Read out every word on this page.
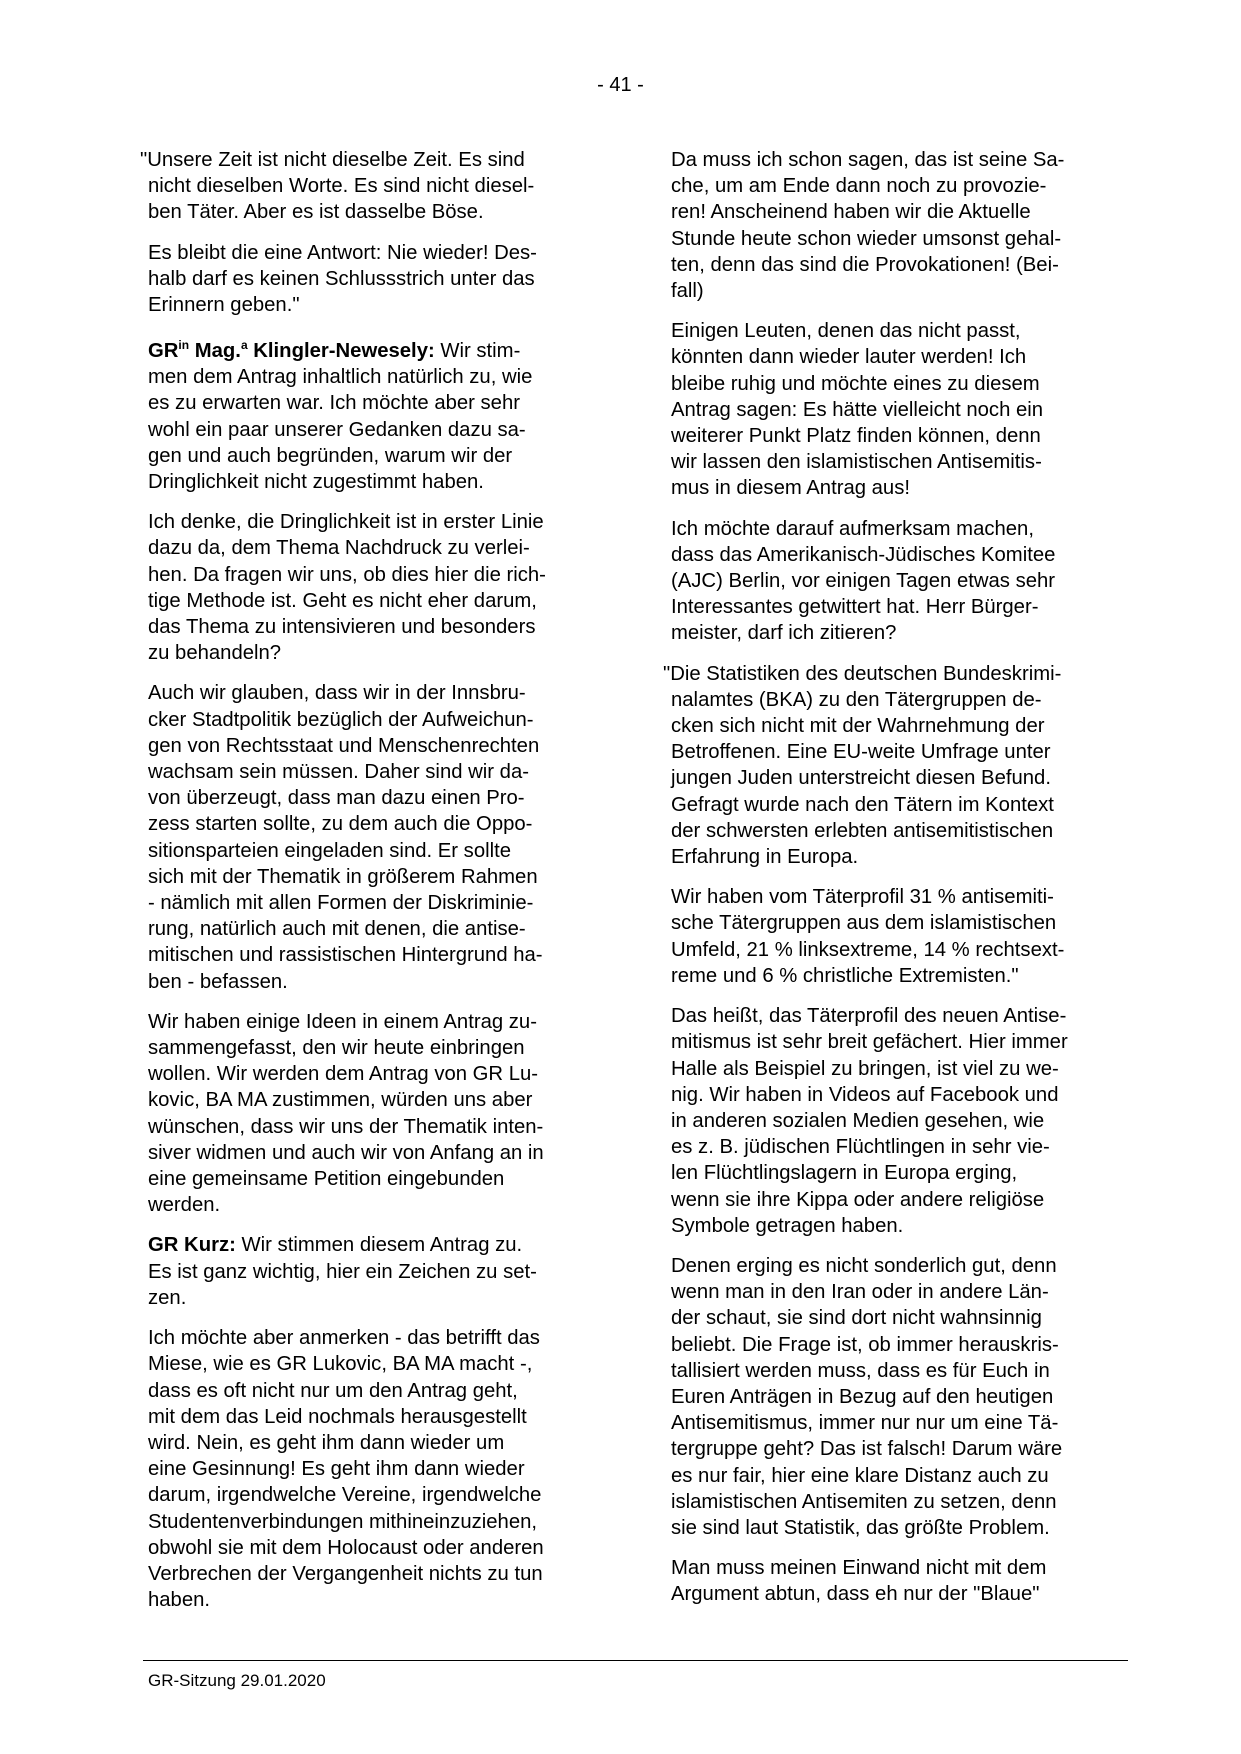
- 41 -

"Unsere Zeit ist nicht dieselbe Zeit. Es sind
nicht dieselben Worte. Es sind nicht diesel-
ben Täter. Aber es ist dasselbe Böse.

Es bleibt die eine Antwort: Nie wieder! Des-
halb darf es keinen Schlussstrich unter das
Erinnern geben."

$GR^{in}$ Mag.$^a$ Klingler-Newesely: Wir stim-
men dem Antrag inhaltlich natürlich zu, wie
es zu erwarten war. Ich möchte aber sehr
wohl ein paar unserer Gedanken dazu sa-
gen und auch begründen, warum wir der
Dringlichkeit nicht zugestimmt haben.

Ich denke, die Dringlichkeit ist in erster Linie
dazu da, dem Thema Nachdruck zu verlei-
hen. Da fragen wir uns, ob dies hier die rich-
tige Methode ist. Geht es nicht eher darum,
das Thema zu intensivieren und besonders
zu behandeln?

Auch wir glauben, dass wir in der Innsbru-
cker Stadtpolitik bezüglich der Aufweichun-
gen von Rechtsstaat und Menschenrechten
wachsam sein müssen. Daher sind wir da-
von überzeugt, dass man dazu einen Pro-
zess starten sollte, zu dem auch die Oppo-
sitionsparteien eingeladen sind. Er sollte
sich mit der Thematik in größerem Rahmen
- nämlich mit allen Formen der Diskriminie-
rung, natürlich auch mit denen, die antise-
mitischen und rassistischen Hintergrund ha-
ben - befassen.

Wir haben einige Ideen in einem Antrag zu-
sammengefasst, den wir heute einbringen
wollen. Wir werden dem Antrag von GR Lu-
kovic, BA MA zustimmen, würden uns aber
wünschen, dass wir uns der Thematik inten-
siver widmen und auch wir von Anfang an in
eine gemeinsame Petition eingebunden
werden.

GR Kurz: Wir stimmen diesem Antrag zu.
Es ist ganz wichtig, hier ein Zeichen zu set-
zen.

Ich möchte aber anmerken - das betrifft das
Miese, wie es GR Lukovic, BA MA macht -,
dass es oft nicht nur um den Antrag geht,
mit dem das Leid nochmals herausgestellt
wird. Nein, es geht ihm dann wieder um
eine Gesinnung! Es geht ihm dann wieder
darum, irgendwelche Vereine, irgendwelche
Studentenverbindungen mithineinzuziehen,
obwohl sie mit dem Holocaust oder anderen
Verbrechen der Vergangenheit nichts zu tun
haben.

Da muss ich schon sagen, das ist seine Sa-
che, um am Ende dann noch zu provozie-
ren! Anscheinend haben wir die Aktuelle
Stunde heute schon wieder umsonst gehal-
ten, denn das sind die Provokationen! (Bei-
fall)

Einigen Leuten, denen das nicht passt,
könnten dann wieder lauter werden! Ich
bleibe ruhig und möchte eines zu diesem
Antrag sagen: Es hätte vielleicht noch ein
weiterer Punkt Platz finden können, denn
wir lassen den islamistischen Antisemitis-
mus in diesem Antrag aus!

Ich möchte darauf aufmerksam machen,
dass das Amerikanisch-Jüdisches Komitee
(AJC) Berlin, vor einigen Tagen etwas sehr
Interessantes getwittert hat. Herr Bürger-
meister, darf ich zitieren?

"Die Statistiken des deutschen Bundeskrimi-
nalamtes (BKA) zu den Tätergruppen de-
cken sich nicht mit der Wahrnehmung der
Betroffenen. Eine EU-weite Umfrage unter
jungen Juden unterstreicht diesen Befund.
Gefragt wurde nach den Tätern im Kontext
der schwersten erlebten antisemitistischen
Erfahrung in Europa.

Wir haben vom Täterprofil 31 % antisemiti-
sche Tätergruppen aus dem islamistischen
Umfeld, 21 % linksextreme, 14 % rechtsext-
reme und 6 % christliche Extremisten."

Das heißt, das Täterprofil des neuen Antise-
mitismus ist sehr breit gefächert. Hier immer
Halle als Beispiel zu bringen, ist viel zu we-
nig. Wir haben in Videos auf Facebook und
in anderen sozialen Medien gesehen, wie
es z. B. jüdischen Flüchtlingen in sehr vie-
len Flüchtlingslagern in Europa erging,
wenn sie ihre Kippa oder andere religiöse
Symbole getragen haben.

Denen erging es nicht sonderlich gut, denn
wenn man in den Iran oder in andere Län-
der schaut, sie sind dort nicht wahnsinnig
beliebt. Die Frage ist, ob immer herauskris-
tallisiert werden muss, dass es für Euch in
Euren Anträgen in Bezug auf den heutigen
Antisemitismus, immer nur nur um eine Tä-
tergruppe geht? Das ist falsch! Darum wäre
es nur fair, hier eine klare Distanz auch zu
islamistischen Antisemiten zu setzen, denn
sie sind laut Statistik, das größte Problem.

Man muss meinen Einwand nicht mit dem
Argument abtun, dass eh nur der "Blaue"

GR-Sitzung 29.01.2020
